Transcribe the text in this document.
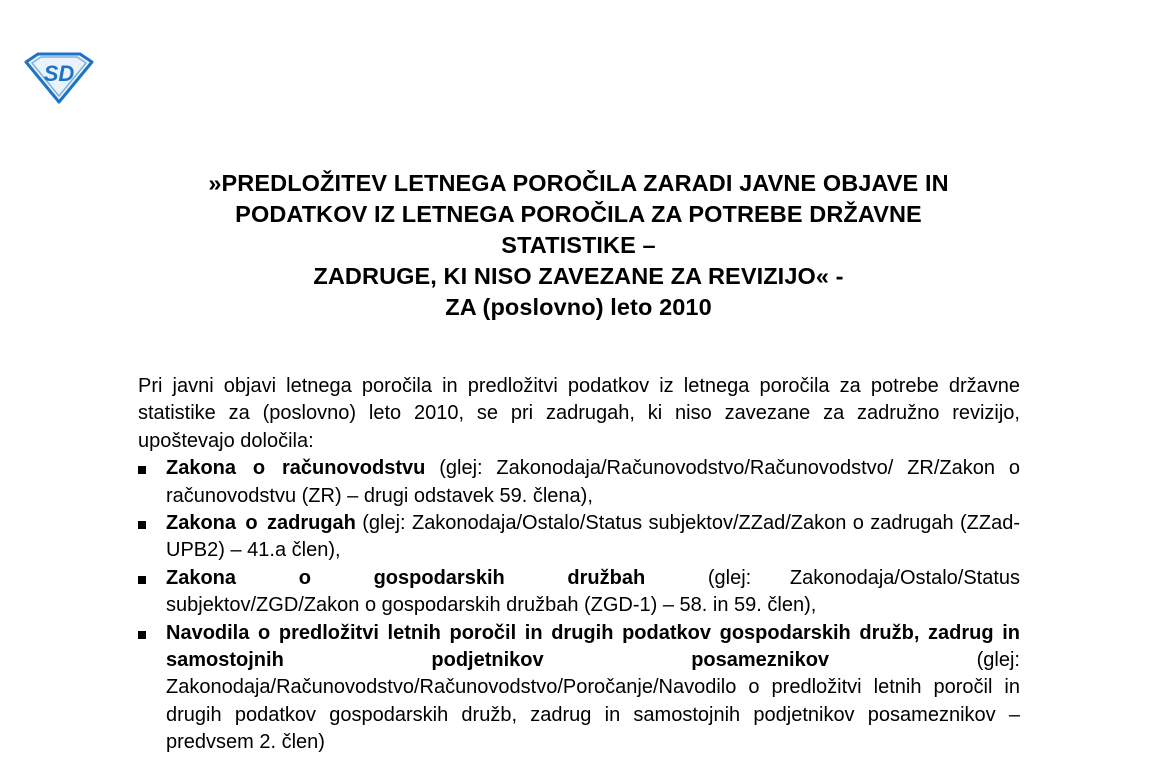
SD
»PREDLOŽITEV LETNEGA POROČILA ZARADI JAVNE OBJAVE IN
PODATKOV IZ LETNEGA POROČILA ZA POTREBE DRŽAVNE
STATISTIKE –
ZADRUGE, KI NISO ZAVEZANE ZA REVIZIJO« -
ZA (poslovno) leto 2010

Pri javni objavi letnega poročila in predložitvi podatkov iz letnega poročila za potrebe državne statistike za (poslovno) leto 2010, se pri zadrugah, ki niso zavezane za zadružno revizijo, upoštevajo določila:

Zakona o računovodstvu (glej: Zakonodaja/Računovodstvo/Računovodstvo/ ZR/Zakon o računovodstvu (ZR) – drugi odstavek 59. člena),
Zakona o zadrugah (glej: Zakonodaja/Ostalo/Status subjektov/ZZad/Zakon o zadrugah (ZZad-UPB2) – 41.a člen),
Zakona o gospodarskih družbah	(glej: Zakonodaja/Ostalo/Status subjektov/ZGD/Zakon o gospodarskih družbah (ZGD-1) – 58. in 59. člen),
Navodila o predložitvi letnih poročil in drugih podatkov gospodarskih družb, zadrug in samostojnih podjetnikov posameznikov	(glej: Zakonodaja/Računovodstvo/Računovodstvo/Poročanje/Navodilo o predložitvi letnih poročil in drugih podatkov gospodarskih družb, zadrug in samostojnih podjetnikov posameznikov – predvsem 2. člen)
